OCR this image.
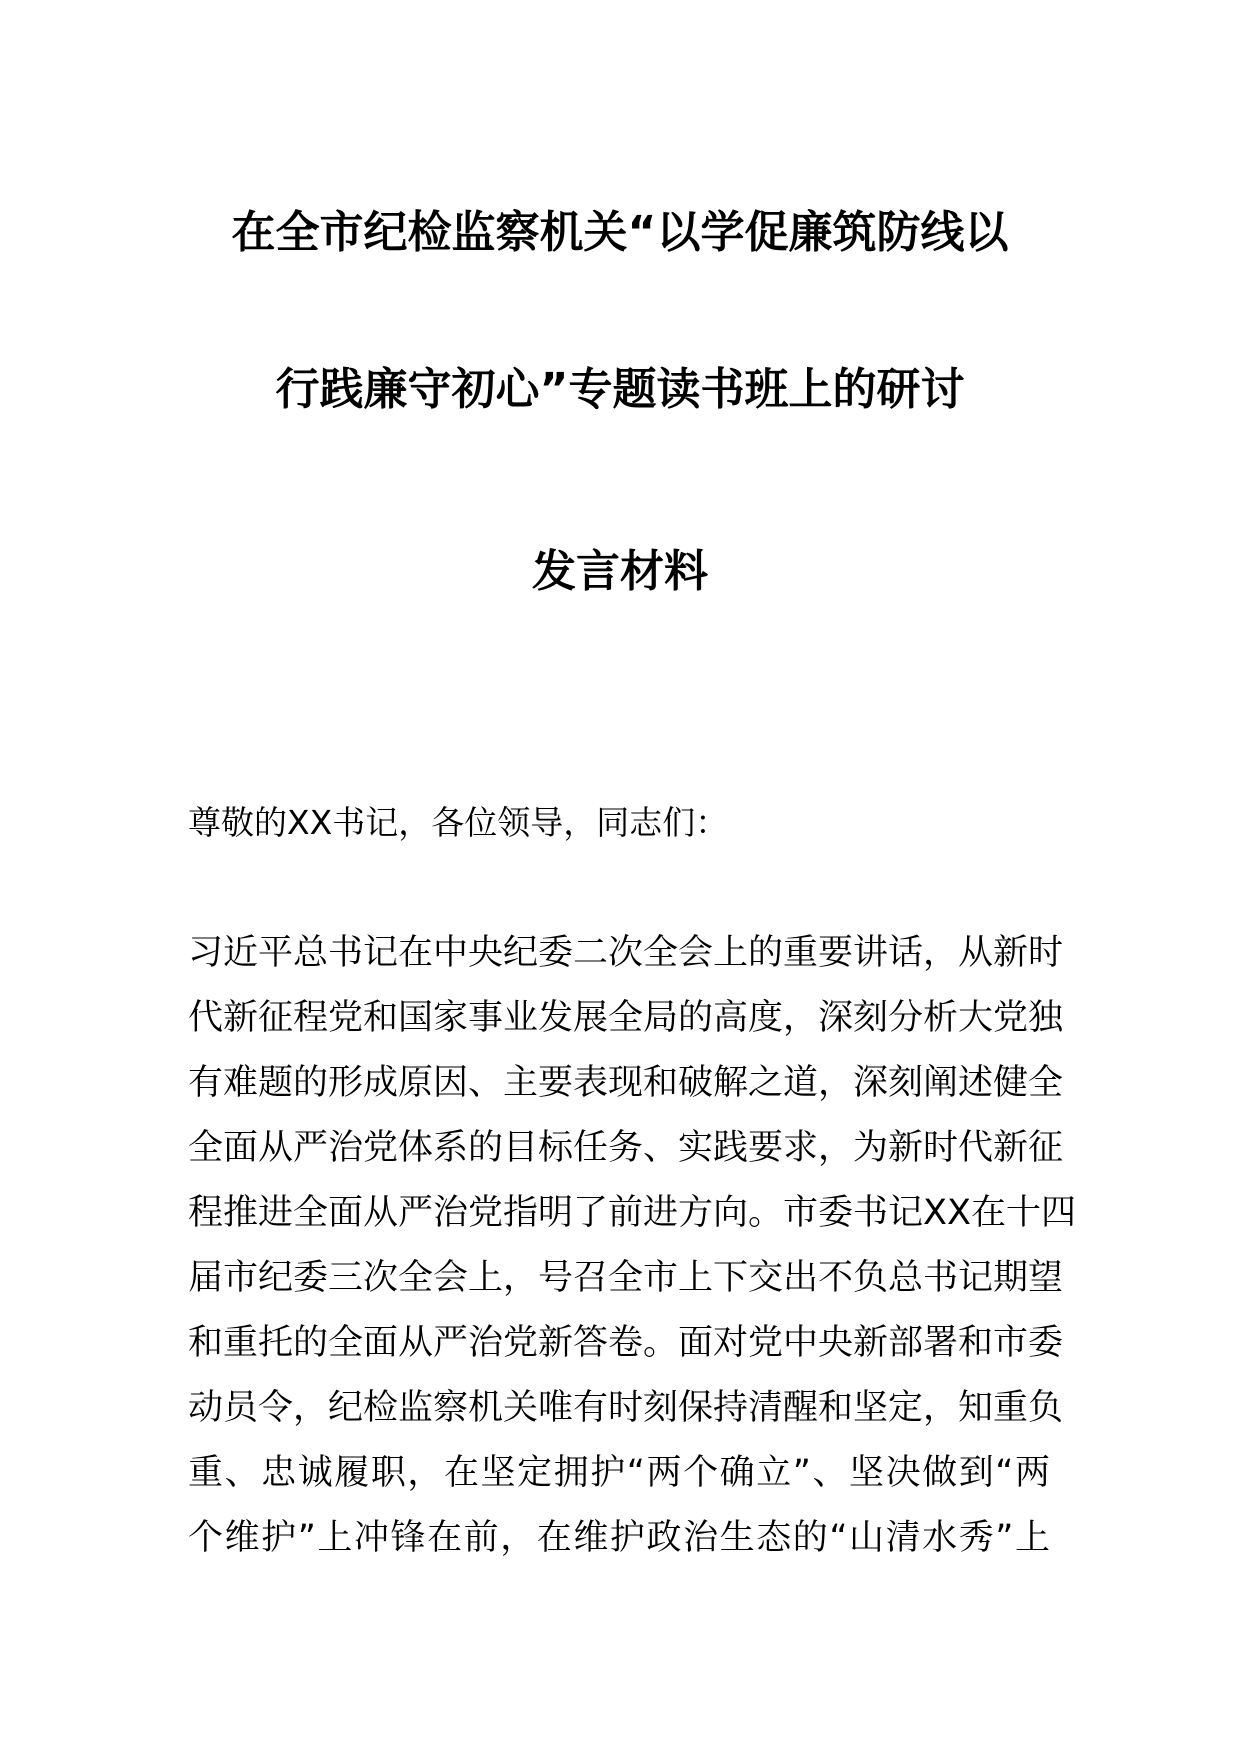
在全市纪检监察机关“以学促廉筑防线以
行践廉守初心”专题读书班上的研讨
发言材料
尊敬的XX书记，各位领导，同志们：
习近平总书记在中央纪委二次全会上的重要讲话，从新时
代新征程党和国家事业发展全局的高度，深刻分析大党独
有难题的形成原因、主要表现和破解之道，深刻阐述健全
全面从严治党体系的目标任务、实践要求，为新时代新征
程推进全面从严治党指明了前进方向。市委书记XX在十四
届市纪委三次全会上，号召全市上下交出不负总书记期望
和重托的全面从严治党新答卷。面对党中央新部署和市委
动员令，纪检监察机关唯有时刻保持清醒和坚定，知重负
重、忠诚履职，在坚定拥护“两个确立”、坚决做到“两
个维护”上冲锋在前，在维护政治生态的“山清水秀”上
